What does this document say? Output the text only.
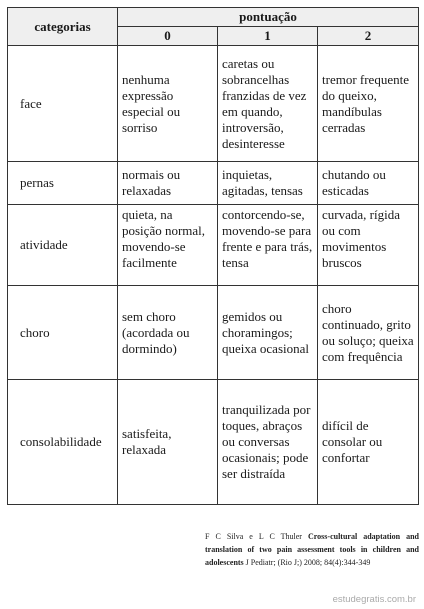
categorias	pontuação		
	0	1	2
face	nenhuma expressão especial ou sorriso	caretas ou sobrancelhas franzidas de vez em quando, introversão, desinteresse	tremor frequente do queixo, mandíbulas cerradas
pernas	normais ou relaxadas	inquietas, agitadas, tensas	chutando ou esticadas
atividade	quieta, na posição normal, movendo-se facilmente	contorcendo-se, movendo-se para frente e para trás, tensa	curvada, rígida ou com movimentos bruscos
choro	sem choro (acordada ou dormindo)	gemidos ou choramingos; queixa ocasional	choro continuado, grito ou soluço; queixa com frequência
consolabilidade	satisfeita, relaxada	tranquilizada por toques, abraços ou conversas ocasionais; pode ser distraída	difícil de consolar ou confortar
F C Silva e L C Thuler Cross-cultural adaptation and translation of two pain assessment tools in children and adolescents J Pediatr; (Rio J;) 2008; 84(4):344-349
estudegratis.com.br
